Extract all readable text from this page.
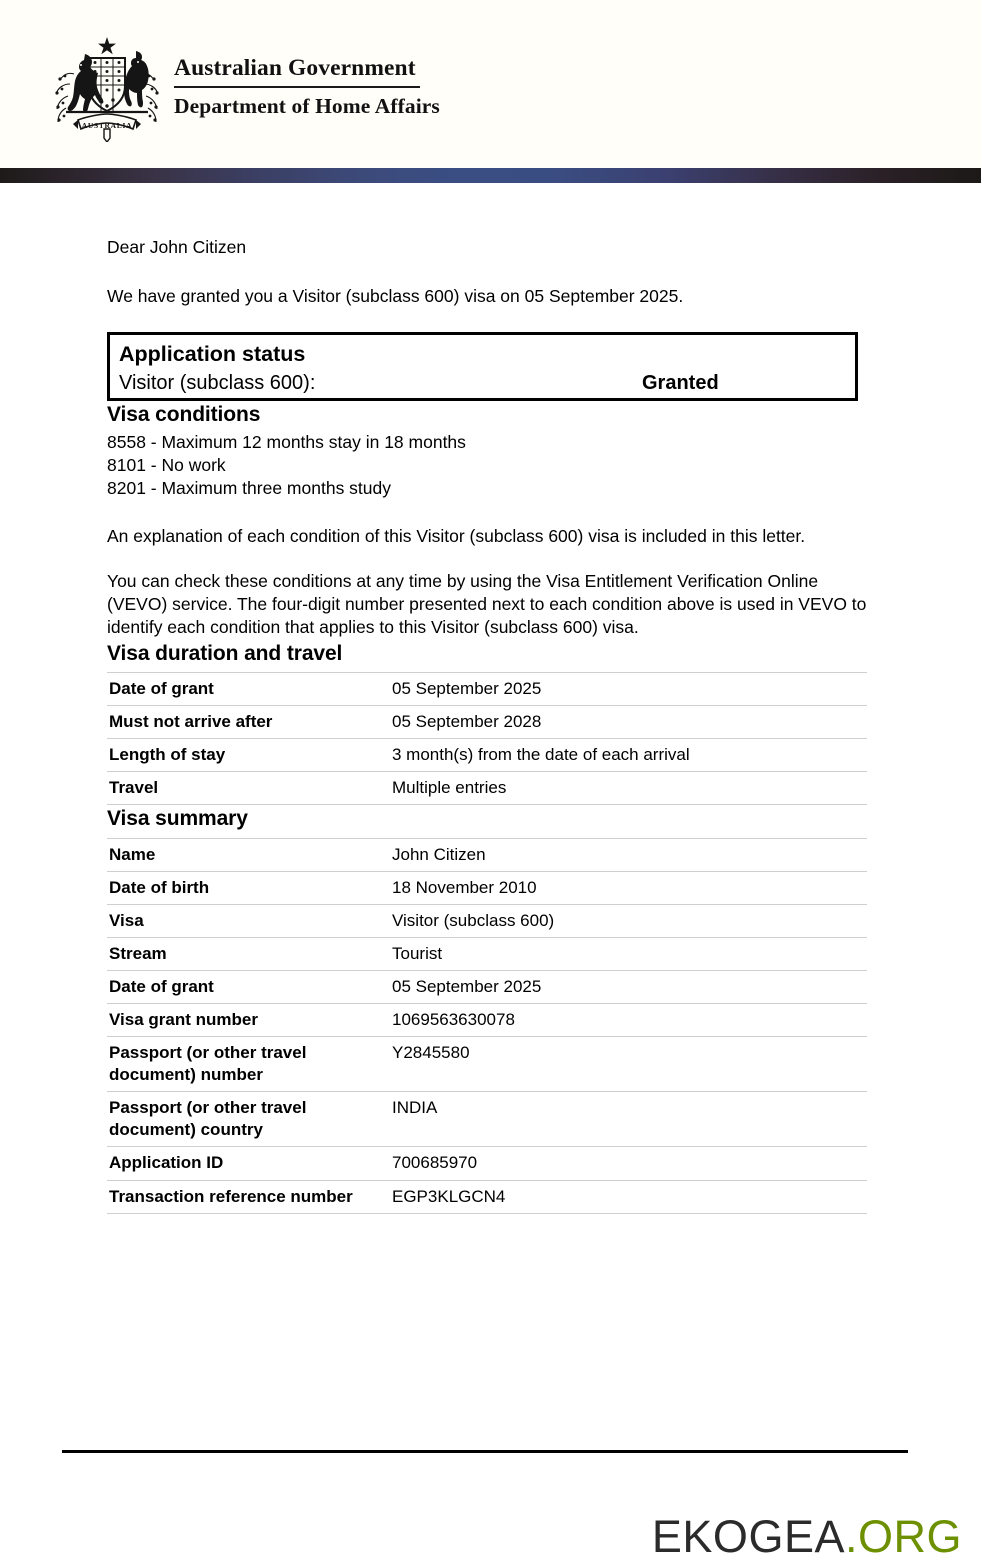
AUSTRALIA
Australian Government
Department of Home Affairs

Dear John Citizen

We have granted you a Visitor (subclass 600) visa on 05 September 2025.

Application status

Visitor (subclass 600):	Granted
Visa conditions

8558 - Maximum 12 months stay in 18 months

8101 - No work

8201 - Maximum three months study

An explanation of each condition of this Visitor (subclass 600) visa is included in this letter.

You can check these conditions at any time by using the Visa Entitlement Verification Online (VEVO) service. The four-digit number presented next to each condition above is used in VEVO to identify each condition that applies to this Visitor (subclass 600) visa.

Visa duration and travel
Date of grant	05 September 2025
Must not arrive after	05 September 2028
Length of stay	3 month(s) from the date of each arrival
Travel	Multiple entries
Visa summary
Name	John Citizen
Date of birth	18 November 2010
Visa	Visitor (subclass 600)
Stream	Tourist
Date of grant	05 September 2025
Visa grant number	1069563630078
Passport (or other travel document) number	Y2845580
Passport (or other travel document) country	INDIA
Application ID	700685970
Transaction reference number	EGP3KLGCN4
EKOGEA.ORG
